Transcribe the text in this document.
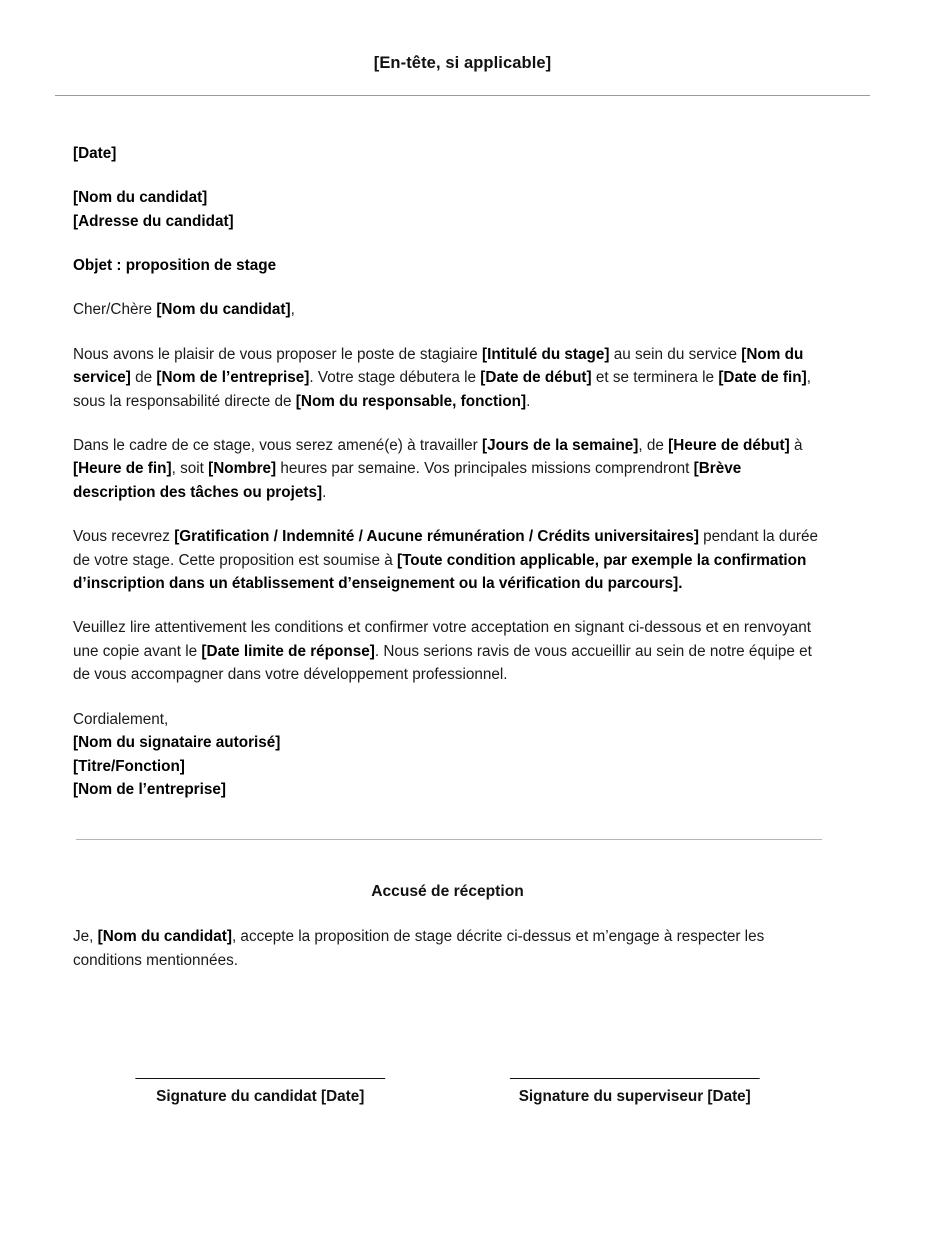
[En-tête, si applicable]

[Date]

[Nom du candidat]
[Adresse du candidat]

Objet : proposition de stage

Cher/Chère [Nom du candidat],

Nous avons le plaisir de vous proposer le poste de stagiaire [Intitulé du stage] au sein du service [Nom du service] de [Nom de l’entreprise]. Votre stage débutera le [Date de début] et se terminera le [Date de fin], sous la responsabilité directe de [Nom du responsable, fonction].

Dans le cadre de ce stage, vous serez amené(e) à travailler [Jours de la semaine], de [Heure de début] à [Heure de fin], soit [Nombre] heures par semaine. Vos principales missions comprendront [Brève description des tâches ou projets].

Vous recevrez [Gratification / Indemnité / Aucune rémunération / Crédits universitaires] pendant la durée de votre stage. Cette proposition est soumise à [Toute condition applicable, par exemple la confirmation d’inscription dans un établissement d’enseignement ou la vérification du parcours].

Veuillez lire attentivement les conditions et confirmer votre acceptation en signant ci-dessous et en renvoyant une copie avant le [Date limite de réponse]. Nous serions ravis de vous accueillir au sein de notre équipe et de vous accompagner dans votre développement professionnel.

Cordialement,
[Nom du signataire autorisé]
[Titre/Fonction]
[Nom de l’entreprise]

Accusé de réception

Je, [Nom du candidat], accepte la proposition de stage décrite ci-dessus et m’engage à respecter les conditions mentionnées.

______________________________
Signature du candidat [Date]
______________________________
Signature du superviseur [Date]
